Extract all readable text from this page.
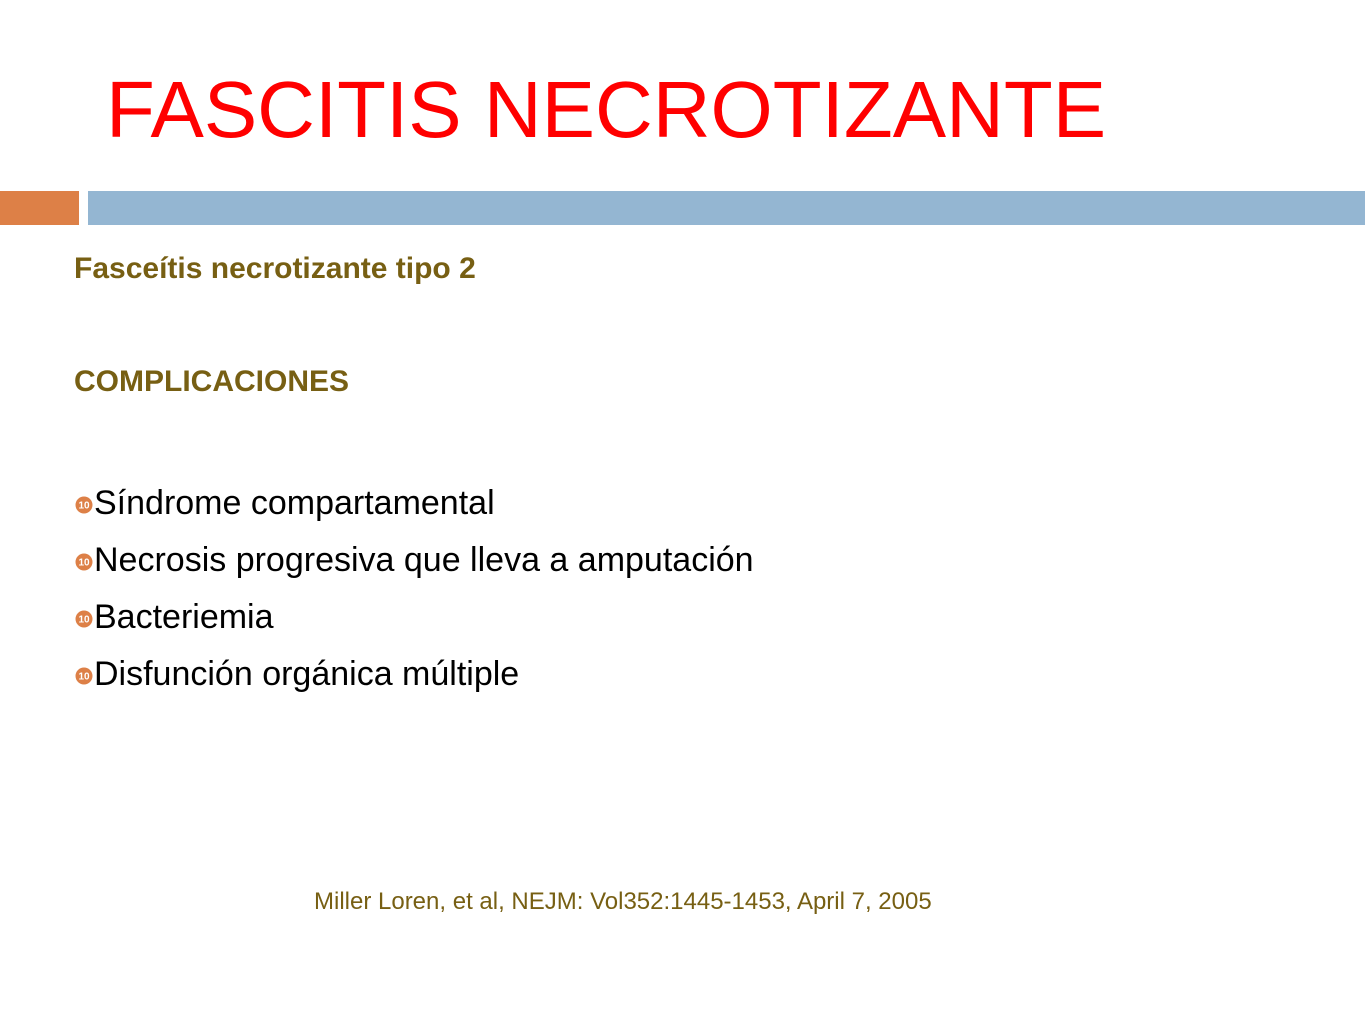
FASCITIS NECROTIZANTE

Fasceítis necrotizante tipo 2

COMPLICACIONES

10 Síndrome compartamental
10 Necrosis progresiva que lleva a amputación
10 Bacteriemia
10 Disfunción orgánica múltiple

Miller Loren, et al, NEJM: Vol352:1445-1453, April 7, 2005
